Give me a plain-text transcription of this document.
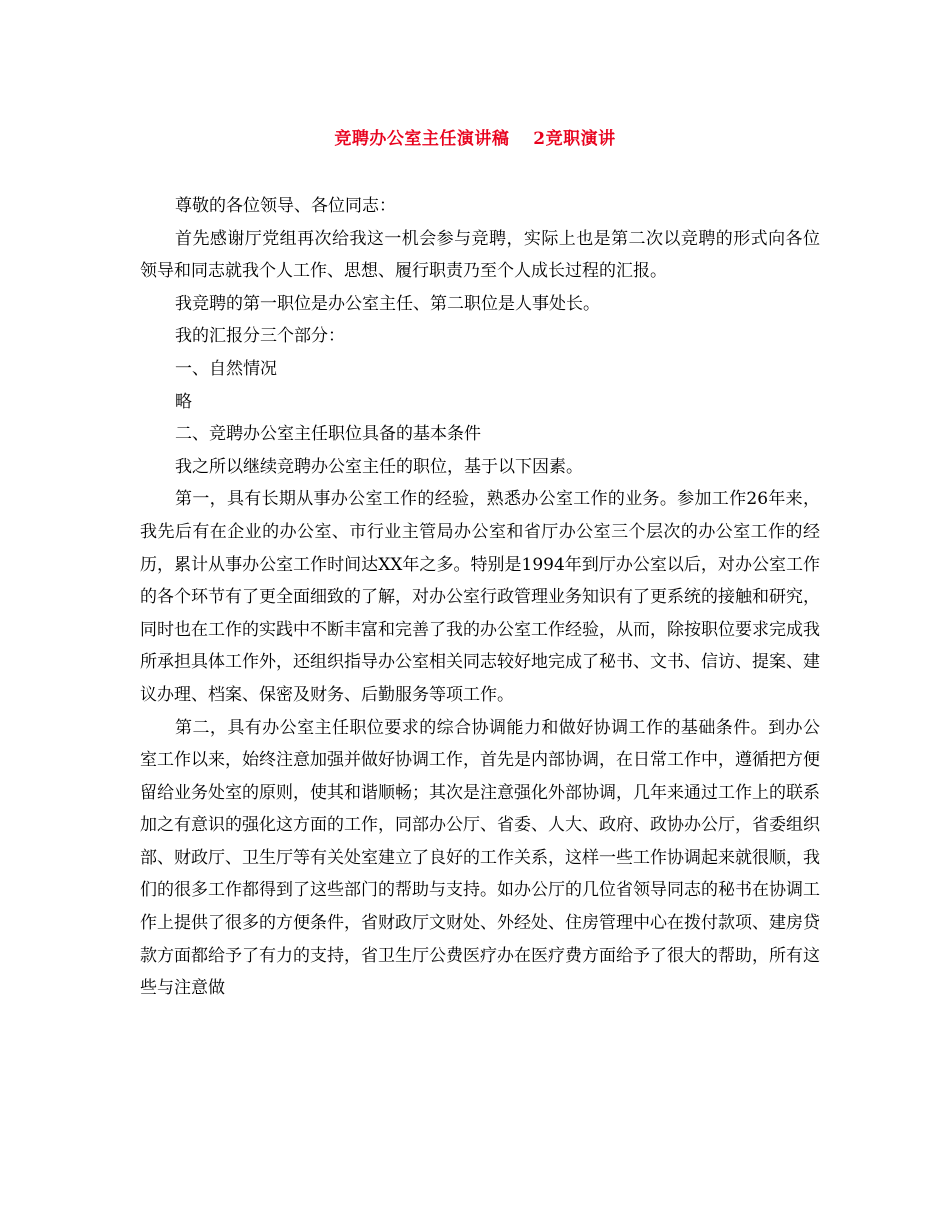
竞聘办公室主任演讲稿　 2竞职演讲

尊敬的各位领导、各位同志：

首先感谢厅党组再次给我这一机会参与竞聘，实际上也是第二次以竞聘的形式向各位领导和同志就我个人工作、思想、履行职责乃至个人成长过程的汇报。

我竞聘的第一职位是办公室主任、第二职位是人事处长。

我的汇报分三个部分：

一、自然情况

略

二、竞聘办公室主任职位具备的基本条件

我之所以继续竞聘办公室主任的职位，基于以下因素。

第一，具有长期从事办公室工作的经验，熟悉办公室工作的业务。参加工作26年来，我先后有在企业的办公室、市行业主管局办公室和省厅办公室三个层次的办公室工作的经历，累计从事办公室工作时间达XX年之多。特别是1994年到厅办公室以后，对办公室工作的各个环节有了更全面细致的了解，对办公室行政管理业务知识有了更系统的接触和研究，同时也在工作的实践中不断丰富和完善了我的办公室工作经验，从而，除按职位要求完成我所承担具体工作外，还组织指导办公室相关同志较好地完成了秘书、文书、信访、提案、建议办理、档案、保密及财务、后勤服务等项工作。

第二，具有办公室主任职位要求的综合协调能力和做好协调工作的基础条件。到办公室工作以来，始终注意加强并做好协调工作，首先是内部协调，在日常工作中，遵循把方便留给业务处室的原则，使其和谐顺畅；其次是注意强化外部协调，几年来通过工作上的联系加之有意识的强化这方面的工作，同部办公厅、省委、人大、政府、政协办公厅，省委组织部、财政厅、卫生厅等有关处室建立了良好的工作关系，这样一些工作协调起来就很顺，我们的很多工作都得到了这些部门的帮助与支持。如办公厅的几位省领导同志的秘书在协调工作上提供了很多的方便条件，省财政厅文财处、外经处、住房管理中心在拨付款项、建房贷款方面都给予了有力的支持，省卫生厅公费医疗办在医疗费方面给予了很大的帮助，所有这些与注意做
